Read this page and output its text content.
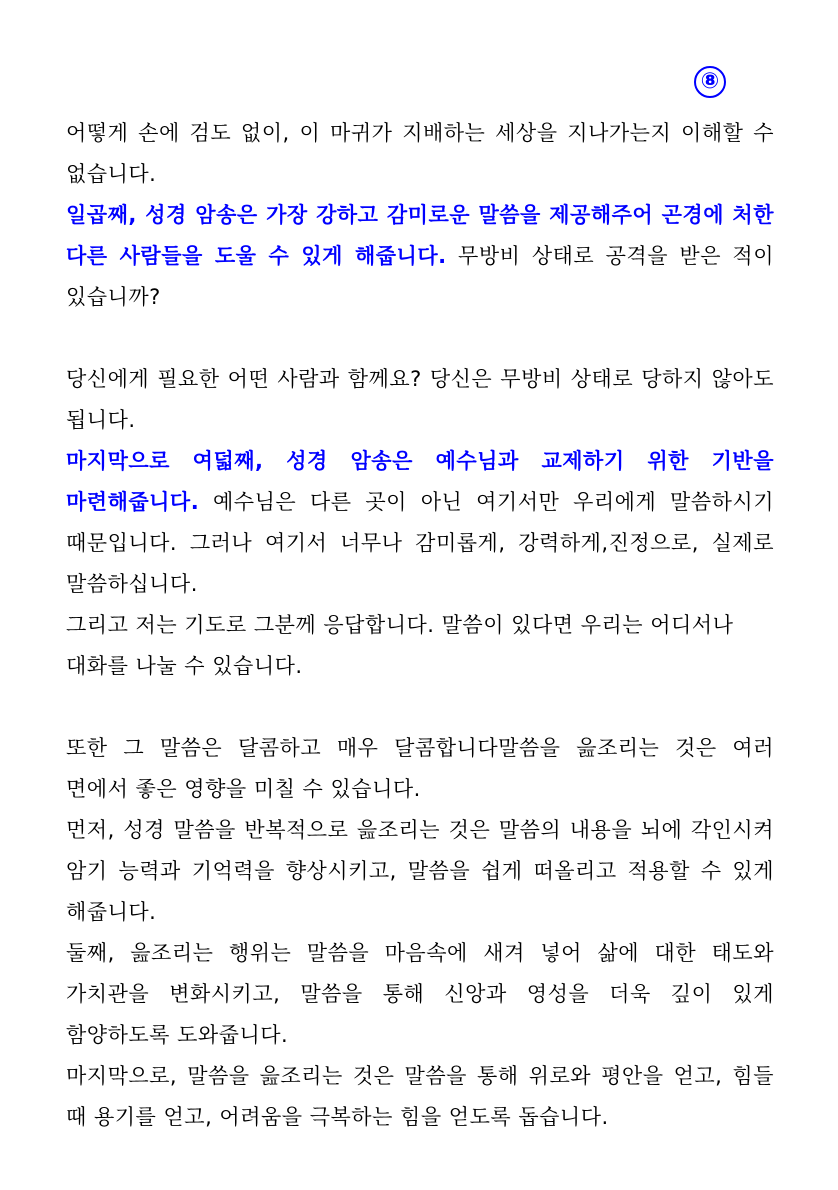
⑧

어떻게 손에 검도 없이, 이 마귀가 지배하는 세상을 지나가는지 이해할 수 없습니다.

일곱째, 성경 암송은 가장 강하고 감미로운 말씀을 제공해주어 곤경에 처한 다른 사람들을 도울 수 있게 해줍니다. 무방비 상태로 공격을 받은 적이 있습니까?

당신에게 필요한 어떤 사람과 함께요? 당신은 무방비 상태로 당하지 않아도 됩니다.

마지막으로 여덟째, 성경 암송은 예수님과 교제하기 위한 기반을 마련해줍니다. 예수님은 다른 곳이 아닌 여기서만 우리에게 말씀하시기 때문입니다. 그러나 여기서 너무나 감미롭게, 강력하게,진정으로, 실제로 말씀하십니다.

그리고 저는 기도로 그분께 응답합니다. 말씀이 있다면 우리는 어디서나

대화를 나눌 수 있습니다.

또한 그 말씀은 달콤하고 매우 달콤합니다말씀을 읊조리는 것은 여러 면에서 좋은 영향을 미칠 수 있습니다.

먼저, 성경 말씀을 반복적으로 읊조리는 것은 말씀의 내용을 뇌에 각인시켜 암기 능력과 기억력을 향상시키고, 말씀을 쉽게 떠올리고 적용할 수 있게 해줍니다.

둘째, 읊조리는 행위는 말씀을 마음속에 새겨 넣어 삶에 대한 태도와 가치관을 변화시키고, 말씀을 통해 신앙과 영성을 더욱 깊이 있게 함양하도록 도와줍니다.

마지막으로, 말씀을 읊조리는 것은 말씀을 통해 위로와 평안을 얻고, 힘들 때 용기를 얻고, 어려움을 극복하는 힘을 얻도록 돕습니다.
